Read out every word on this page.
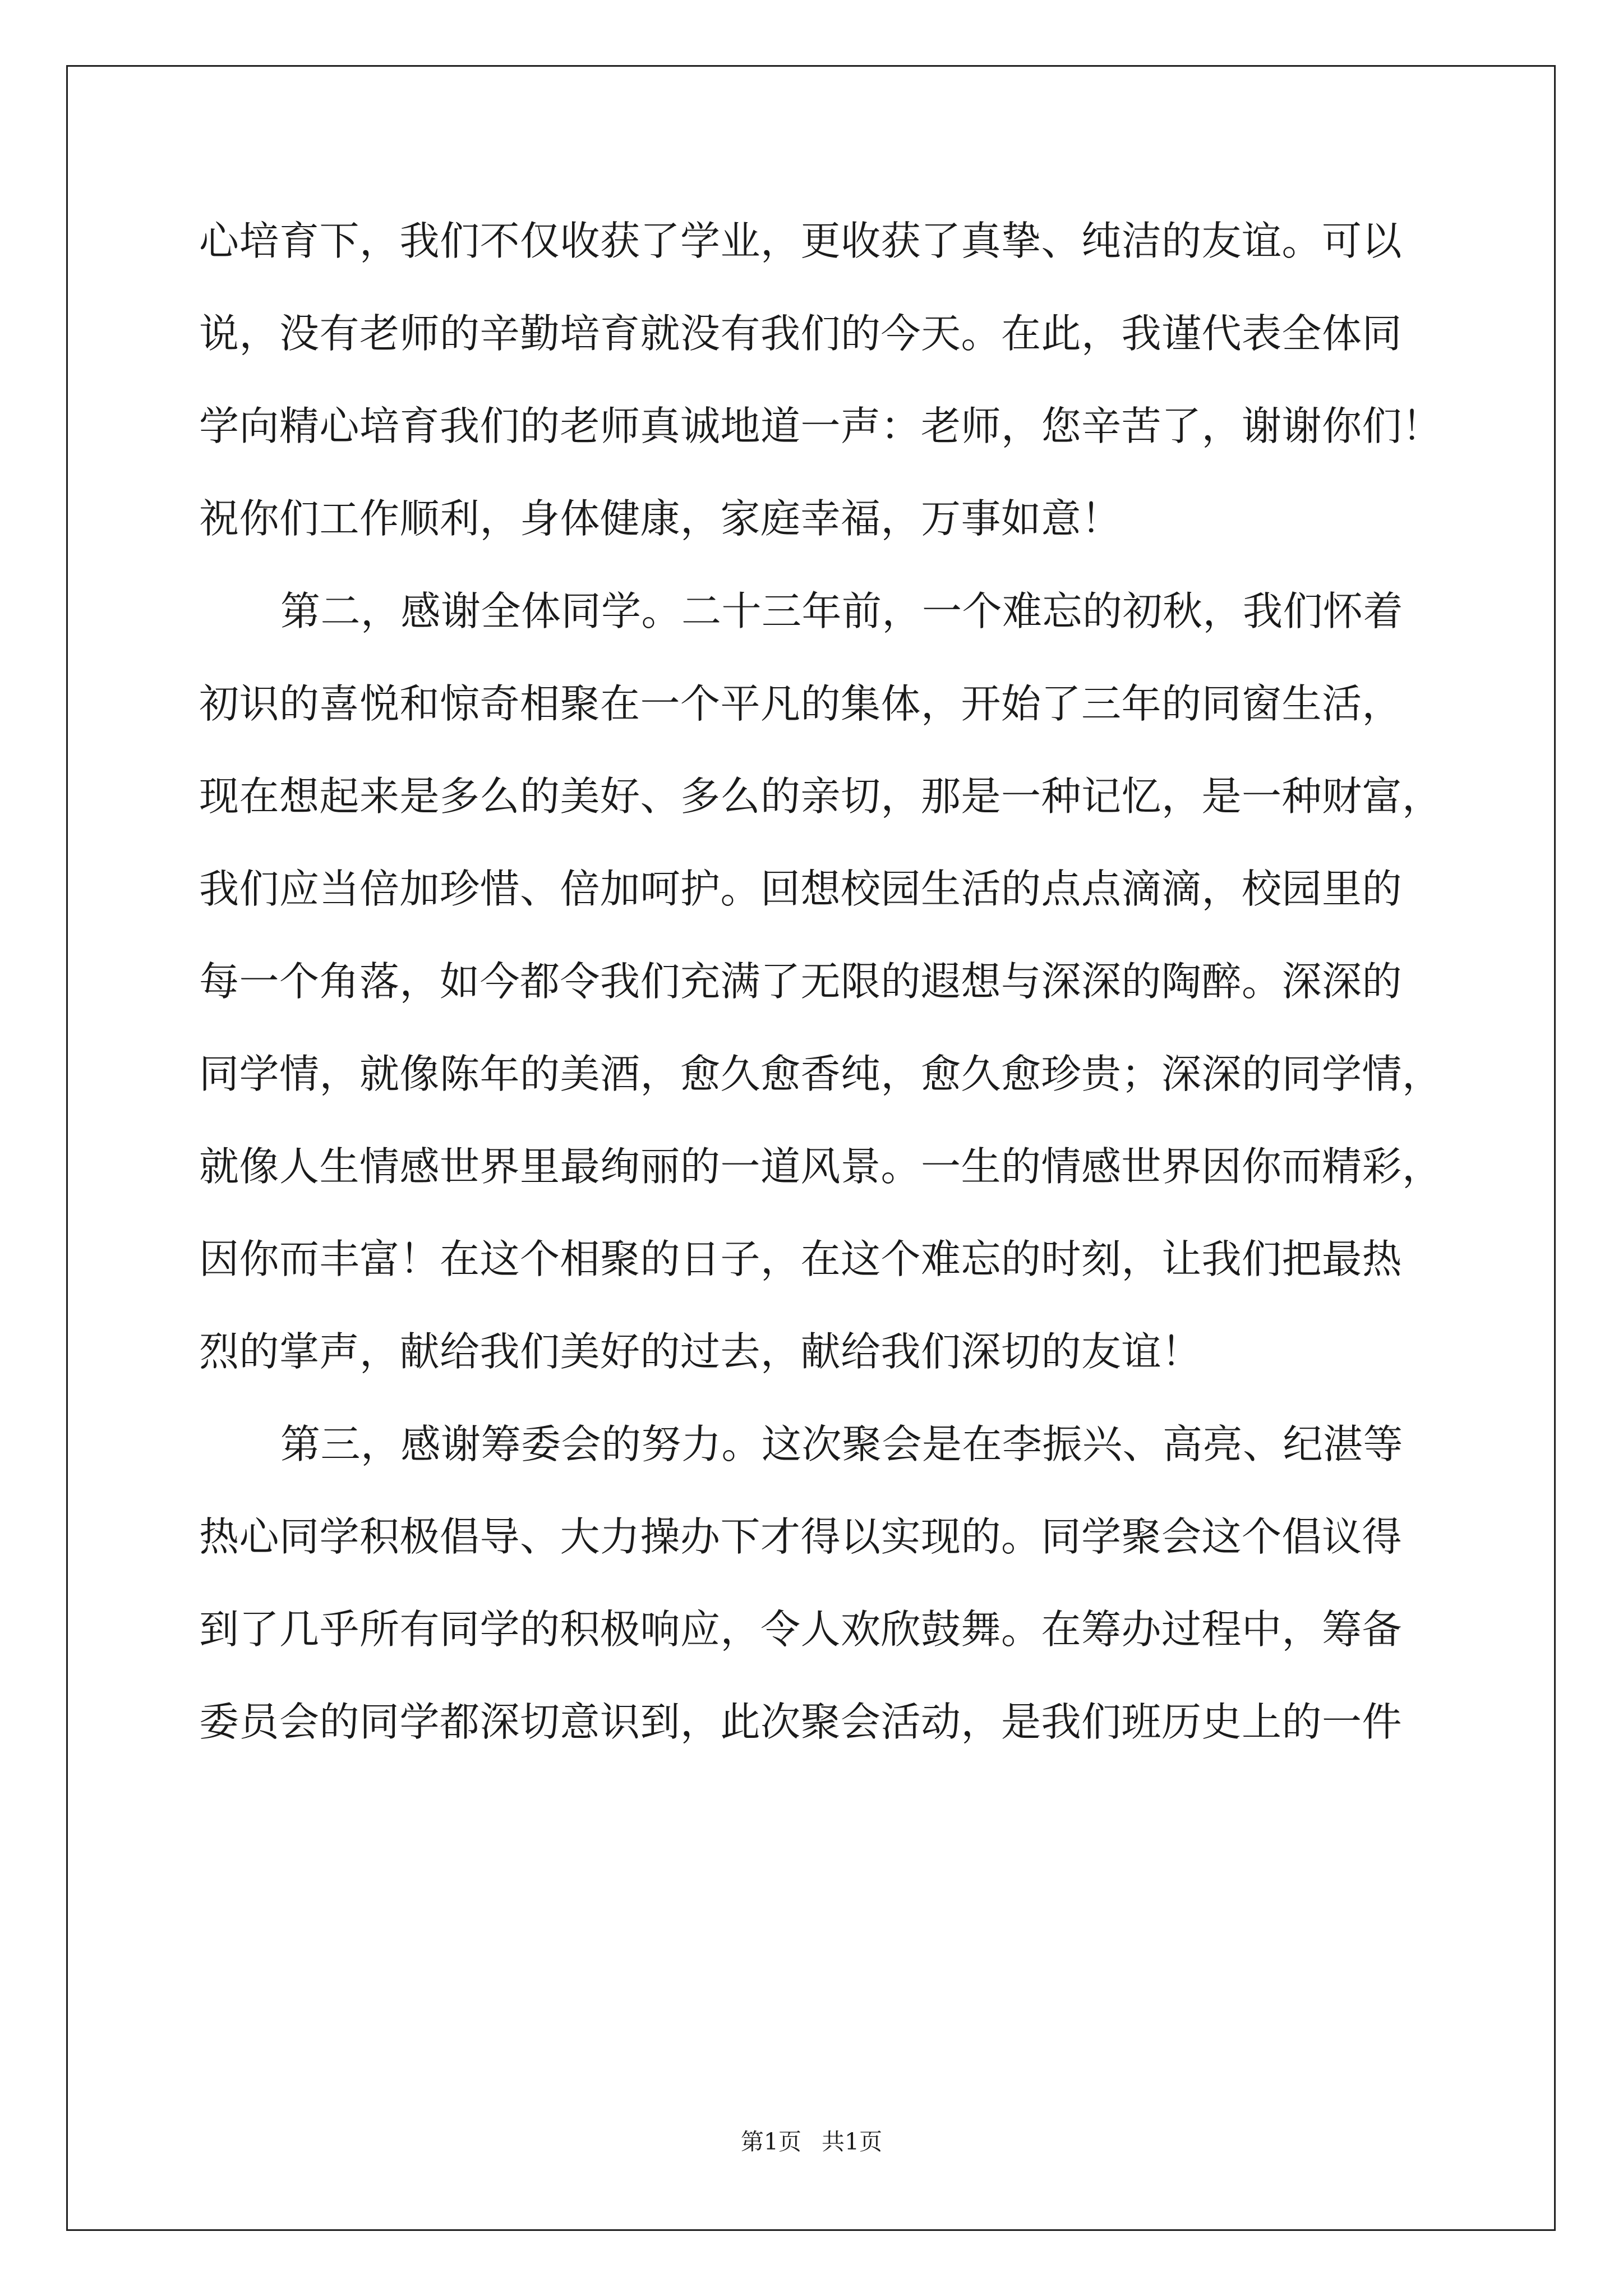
心培育下，我们不仅收获了学业，更收获了真挚、纯洁的友谊。可以
说，没有老师的辛勤培育就没有我们的今天。在此，我谨代表全体同
学向精心培育我们的老师真诚地道一声：老师，您辛苦了，谢谢你们！
祝你们工作顺利，身体健康，家庭幸福，万事如意！
第二，感谢全体同学。二十三年前，一个难忘的初秋，我们怀着
初识的喜悦和惊奇相聚在一个平凡的集体，开始了三年的同窗生活，
现在想起来是多么的美好、多么的亲切，那是一种记忆，是一种财富，
我们应当倍加珍惜、倍加呵护。回想校园生活的点点滴滴，校园里的
每一个角落，如今都令我们充满了无限的遐想与深深的陶醉。深深的
同学情，就像陈年的美酒，愈久愈香纯，愈久愈珍贵；深深的同学情，
就像人生情感世界里最绚丽的一道风景。一生的情感世界因你而精彩，
因你而丰富！在这个相聚的日子，在这个难忘的时刻，让我们把最热
烈的掌声，献给我们美好的过去，献给我们深切的友谊！
第三，感谢筹委会的努力。这次聚会是在李振兴、高亮、纪湛等
热心同学积极倡导、大力操办下才得以实现的。同学聚会这个倡议得
到了几乎所有同学的积极响应，令人欢欣鼓舞。在筹办过程中，筹备
委员会的同学都深切意识到，此次聚会活动，是我们班历史上的一件
第1页 共1页
